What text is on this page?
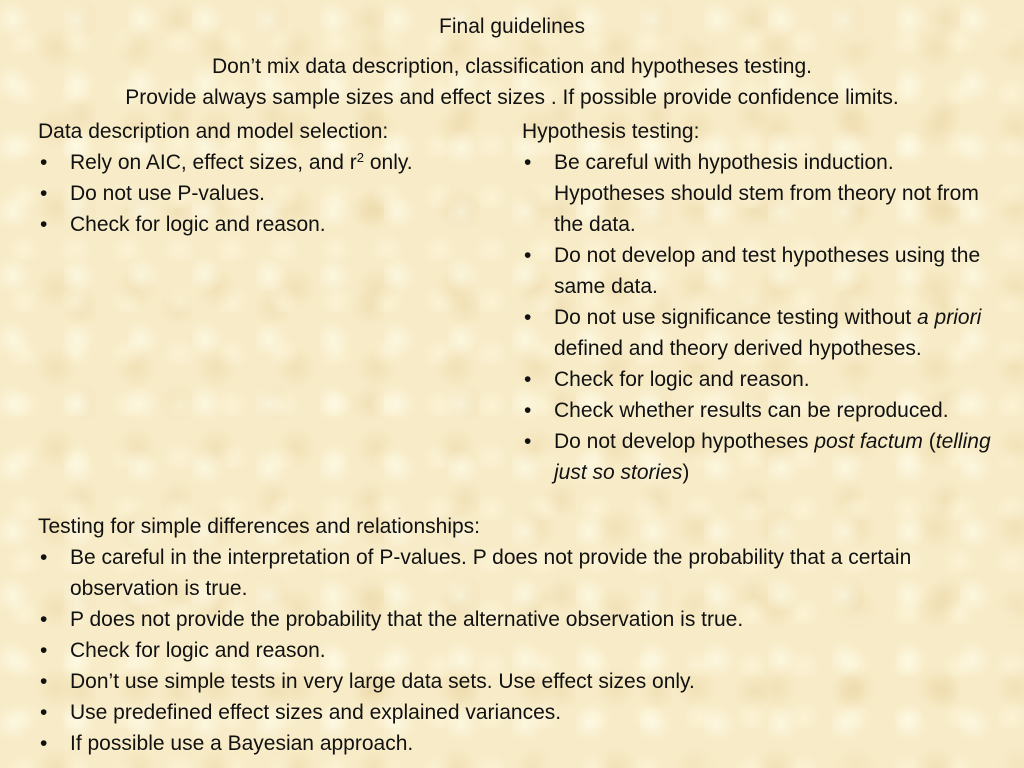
Final guidelines
Don’t mix data description, classification and hypotheses testing.
Provide always sample sizes and effect sizes . If possible provide confidence limits.
Data description and model selection:
• Rely on AIC, effect sizes, and $r^2$ only.
• Do not use P-values.
• Check for logic and reason.
Hypothesis testing:
• Be careful with hypothesis induction. Hypotheses should stem from theory not from the data.
• Do not develop and test hypotheses using the same data.
• Do not use significance testing without a priori defined and theory derived hypotheses.
• Check for logic and reason.
• Check whether results can be reproduced.
• Do not develop hypotheses post factum (telling just so stories)
Testing for simple differences and relationships:
• Be careful in the interpretation of P-values. P does not provide the probability that a certain observation is true.
• P does not provide the probability that the alternative observation is true.
• Check for logic and reason.
• Don’t use simple tests in very large data sets. Use effect sizes only.
• Use predefined effect sizes and explained variances.
• If possible use a Bayesian approach.
